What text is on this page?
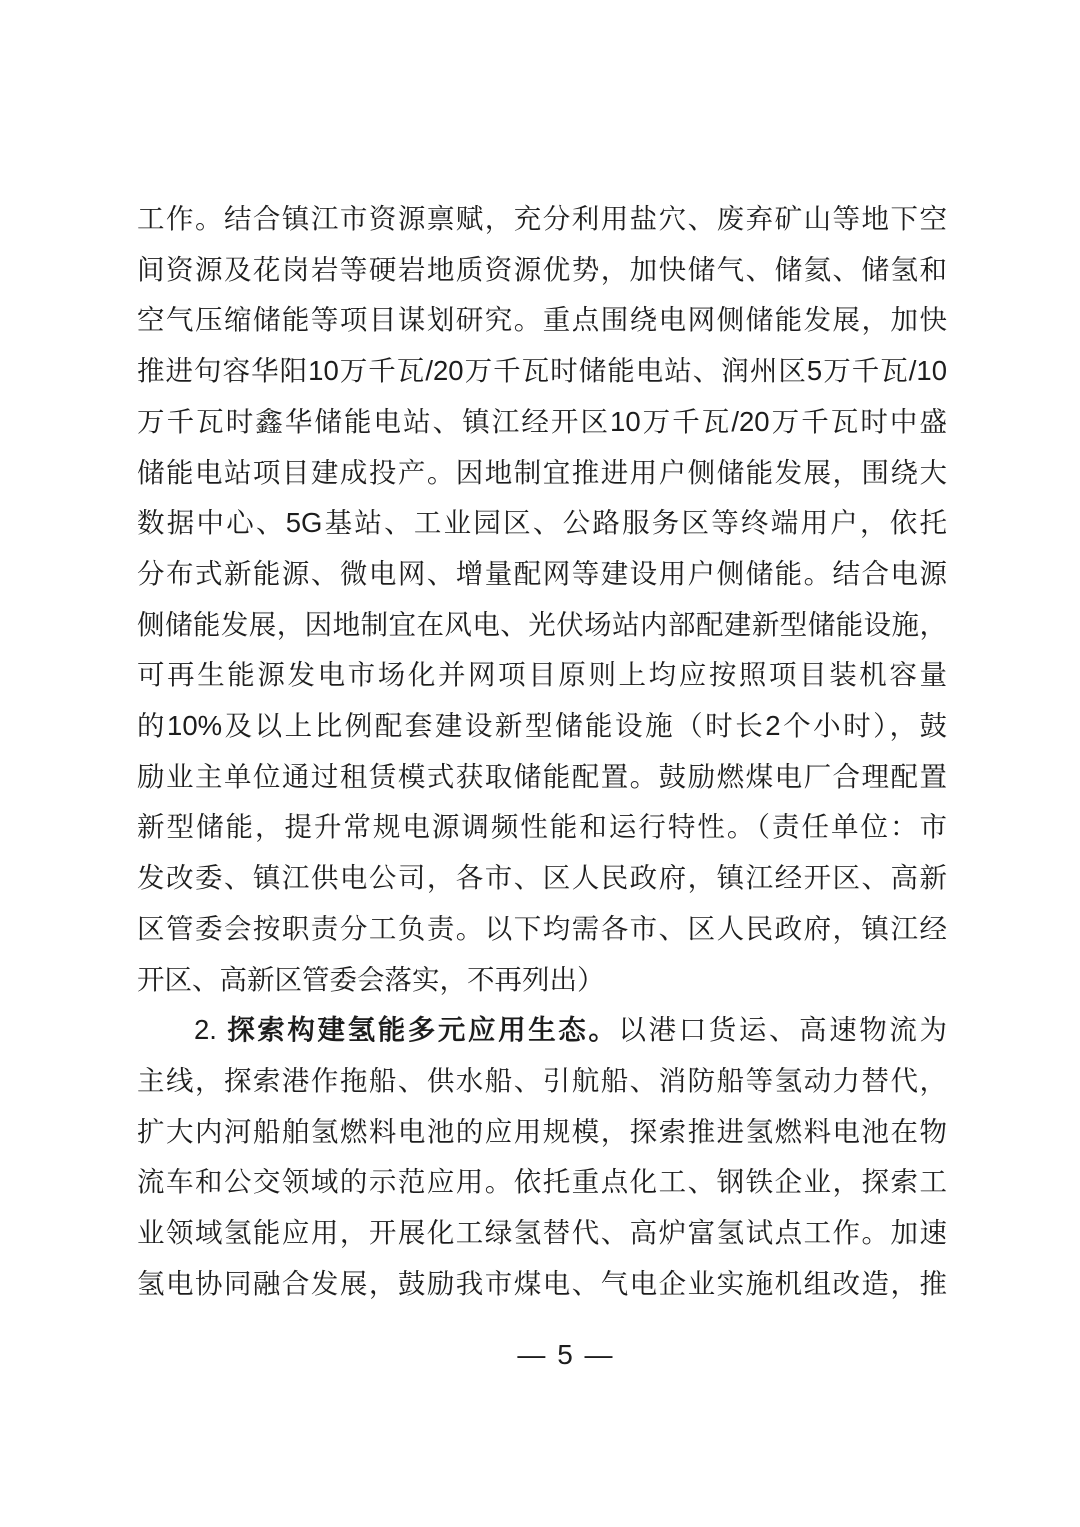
工作。结合镇江市资源禀赋，充分利用盐穴、废弃矿山等地下空
间资源及花岗岩等硬岩地质资源优势，加快储气、储氦、储氢和
空气压缩储能等项目谋划研究。重点围绕电网侧储能发展，加快
推进句容华阳10万千瓦/20万千瓦时储能电站、润州区5万千瓦/10
万千瓦时鑫华储能电站、镇江经开区10万千瓦/20万千瓦时中盛
储能电站项目建成投产。因地制宜推进用户侧储能发展，围绕大
数据中心、5G基站、工业园区、公路服务区等终端用户，依托
分布式新能源、微电网、增量配网等建设用户侧储能。结合电源
侧储能发展，因地制宜在风电、光伏场站内部配建新型储能设施，
可再生能源发电市场化并网项目原则上均应按照项目装机容量
的10%及以上比例配套建设新型储能设施（时长2个小时），鼓
励业主单位通过租赁模式获取储能配置。鼓励燃煤电厂合理配置
新型储能，提升常规电源调频性能和运行特性。（责任单位：市
发改委、镇江供电公司，各市、区人民政府，镇江经开区、高新
区管委会按职责分工负责。以下均需各市、区人民政府，镇江经
开区、高新区管委会落实，不再列出）
2. 探索构建氢能多元应用生态。以港口货运、高速物流为
主线，探索港作拖船、供水船、引航船、消防船等氢动力替代，
扩大内河船舶氢燃料电池的应用规模，探索推进氢燃料电池在物
流车和公交领域的示范应用。依托重点化工、钢铁企业，探索工
业领域氢能应用，开展化工绿氢替代、高炉富氢试点工作。加速
氢电协同融合发展，鼓励我市煤电、气电企业实施机组改造，推
— 5 —
